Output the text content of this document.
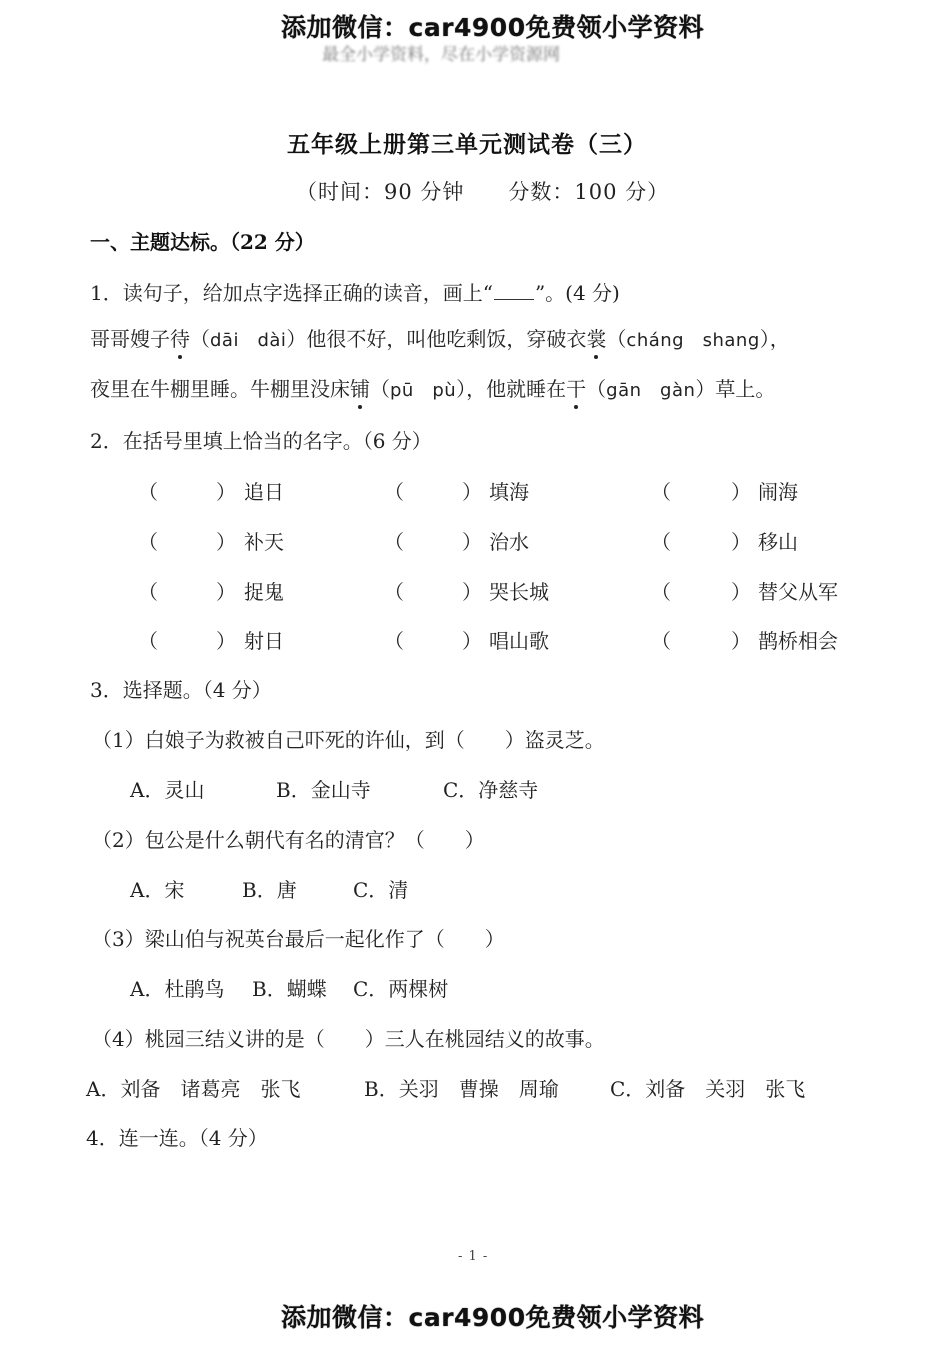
添加微信：car4900免费领小学资料
最全小学资料，尽在小学资源网
五年级上册第三单元测试卷（三）
（时间：90 分钟　　分数：100 分）
一、主题达标。（22 分）
1．读句子，给加点字选择正确的读音，画上“ ”。(4 分)
哥哥嫂子待（dāi　dài）他很不好，叫他吃剩饭，穿破衣裳（cháng　shang），
夜里在牛棚里睡。牛棚里没床铺（pū　pù），他就睡在干（gān　gàn）草上。
2．在括号里填上恰当的名字。（6 分）
（	） 追日	（	） 填海	（	） 闹海
（	） 补天	（	） 治水	（	） 移山
（	） 捉鬼	（	） 哭长城	（	） 替父从军
（	） 射日	（	） 唱山歌	（	） 鹊桥相会
3．选择题。（4 分）
（1）白娘子为救被自己吓死的许仙，到（　　）盗灵芝。
A．灵山	B．金山寺	C．净慈寺
（2）包公是什么朝代有名的清官？（　　）
A．宋	B．唐	C．清
（3）梁山伯与祝英台最后一起化作了（　　）
A．杜鹃鸟 B．蝴蝶 C．两棵树
（4）桃园三结义讲的是（　　）三人在桃园结义的故事。
A．刘备　诸葛亮　张飞	B．关羽　曹操　周瑜	C．刘备　关羽　张飞
4．连一连。（4 分）
- 1 -
添加微信：car4900免费领小学资料
